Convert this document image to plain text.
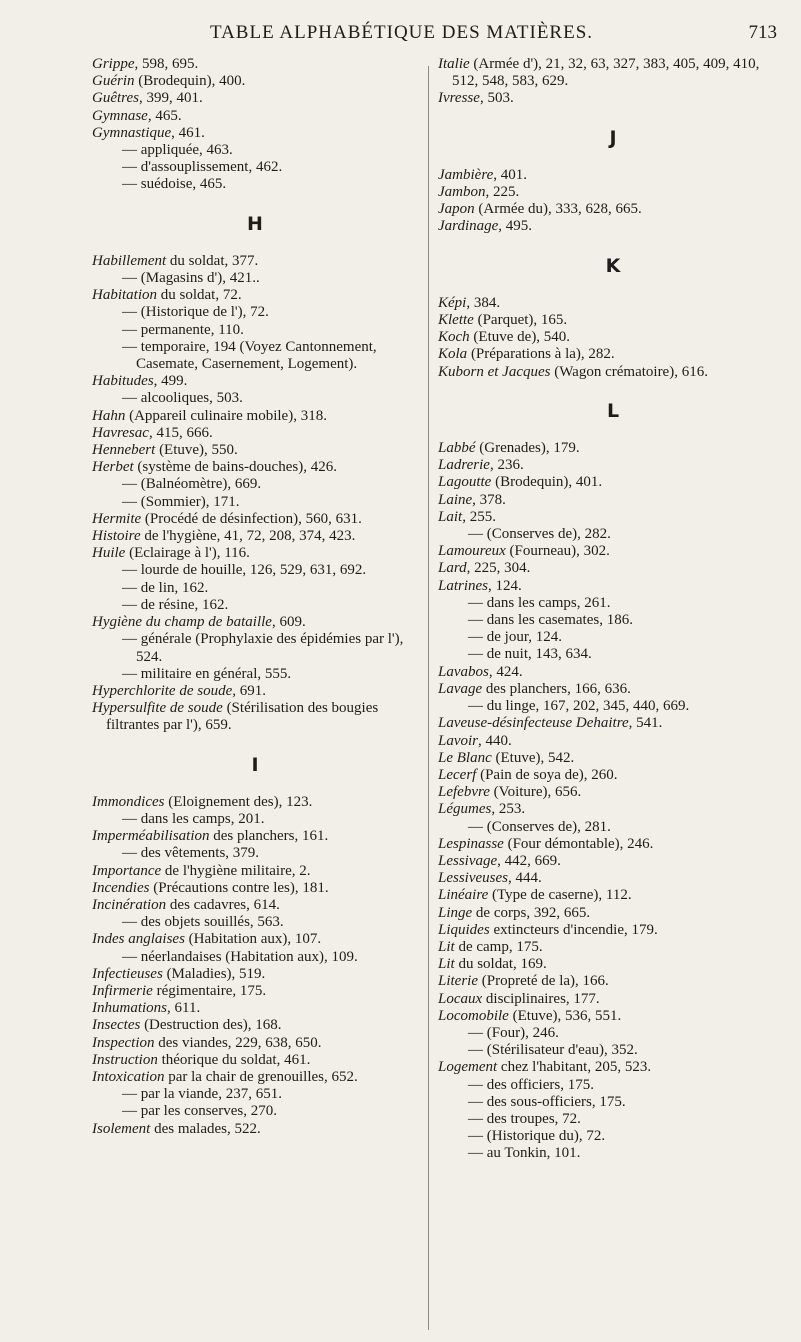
TABLE ALPHABÉTIQUE DES MATIÈRES.	713

Grippe, 598, 695.

Guérin (Brodequin), 400.

Guêtres, 399, 401.

Gymnase, 465.

Gymnastique, 461.

— appliquée, 463.

— d'assouplissement, 462.

— suédoise, 465.

H

Habillement du soldat, 377.

— (Magasins d'), 421..

Habitation du soldat, 72.

— (Historique de l'), 72.

— permanente, 110.

— temporaire, 194 (Voyez Cantonnement, Casemate, Casernement, Logement).

Habitudes, 499.

— alcooliques, 503.

Hahn (Appareil culinaire mobile), 318.

Havresac, 415, 666.

Hennebert (Etuve), 550.

Herbet (système de bains-douches), 426.

— (Balnéomètre), 669.

— (Sommier), 171.

Hermite (Procédé de désinfection), 560, 631.

Histoire de l'hygiène, 41, 72, 208, 374, 423.

Huile (Eclairage à l'), 116.

— lourde de houille, 126, 529, 631, 692.

— de lin, 162.

— de résine, 162.

Hygiène du champ de bataille, 609.

— générale (Prophylaxie des épidémies par l'), 524.

— militaire en général, 555.

Hyperchlorite de soude, 691.

Hypersulfite de soude (Stérilisation des bougies filtrantes par l'), 659.

I

Immondices (Eloignement des), 123.

— dans les camps, 201.

Imperméabilisation des planchers, 161.

— des vêtements, 379.

Importance de l'hygiène militaire, 2.

Incendies (Précautions contre les), 181.

Incinération des cadavres, 614.

— des objets souillés, 563.

Indes anglaises (Habitation aux), 107.

— néerlandaises (Habitation aux), 109.

Infectieuses (Maladies), 519.

Infirmerie régimentaire, 175.

Inhumations, 611.

Insectes (Destruction des), 168.

Inspection des viandes, 229, 638, 650.

Instruction théorique du soldat, 461.

Intoxication par la chair de grenouilles, 652.

— par la viande, 237, 651.

— par les conserves, 270.

Isolement des malades, 522.

Italie (Armée d'), 21, 32, 63, 327, 383, 405, 409, 410, 512, 548, 583, 629.

Ivresse, 503.

J

Jambière, 401.

Jambon, 225.

Japon (Armée du), 333, 628, 665.

Jardinage, 495.

K

Képi, 384.

Klette (Parquet), 165.

Koch (Etuve de), 540.

Kola (Préparations à la), 282.

Kuborn et Jacques (Wagon crématoire), 616.

L

Labbé (Grenades), 179.

Ladrerie, 236.

Lagoutte (Brodequin), 401.

Laine, 378.

Lait, 255.

— (Conserves de), 282.

Lamoureux (Fourneau), 302.

Lard, 225, 304.

Latrines, 124.

— dans les camps, 261.

— dans les casemates, 186.

— de jour, 124.

— de nuit, 143, 634.

Lavabos, 424.

Lavage des planchers, 166, 636.

— du linge, 167, 202, 345, 440, 669.

Laveuse-désinfecteuse Dehaitre, 541.

Lavoir, 440.

Le Blanc (Etuve), 542.

Lecerf (Pain de soya de), 260.

Lefebvre (Voiture), 656.

Légumes, 253.

— (Conserves de), 281.

Lespinasse (Four démontable), 246.

Lessivage, 442, 669.

Lessiveuses, 444.

Linéaire (Type de caserne), 112.

Linge de corps, 392, 665.

Liquides extincteurs d'incendie, 179.

Lit de camp, 175.

Lit du soldat, 169.

Literie (Propreté de la), 166.

Locaux disciplinaires, 177.

Locomobile (Etuve), 536, 551.

— (Four), 246.

— (Stérilisateur d'eau), 352.

Logement chez l'habitant, 205, 523.

— des officiers, 175.

— des sous-officiers, 175.

— des troupes, 72.

— (Historique du), 72.

— au Tonkin, 101.
